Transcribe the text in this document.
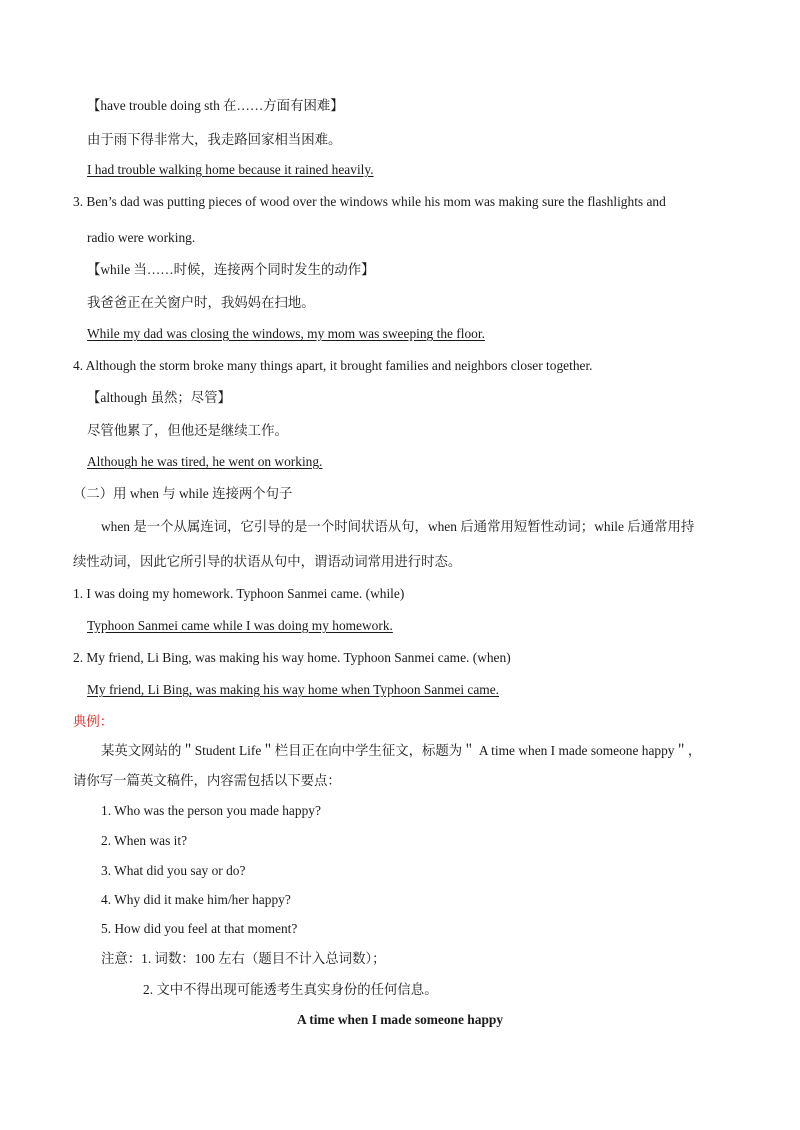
【have trouble doing sth 在……方面有困难】
由于雨下得非常大，我走路回家相当困难。
I had trouble walking home because it rained heavily.
3. Ben’s dad was putting pieces of wood over the windows while his mom was making sure the flashlights and
radio were working.
【while 当……时候，连接两个同时发生的动作】
我爸爸正在关窗户时，我妈妈在扫地。
While my dad was closing the windows, my mom was sweeping the floor.
4. Although the storm broke many things apart, it brought families and neighbors closer together.
【although 虽然；尽管】
尽管他累了，但他还是继续工作。
Although he was tired, he went on working.
（二）用 when 与 while 连接两个句子
when 是一个从属连词，它引导的是一个时间状语从句，when 后通常用短暂性动词；while 后通常用持
续性动词，因此它所引导的状语从句中，谓语动词常用进行时态。
1. I was doing my homework. Typhoon Sanmei came. (while)
Typhoon Sanmei came while I was doing my homework.
2. My friend, Li Bing, was making his way home. Typhoon Sanmei came. (when)
My friend, Li Bing, was making his way home when Typhoon Sanmei came.
典例：
某英文网站的＂Student Life＂栏目正在向中学生征文，标题为＂ A time when I made someone happy＂，
请你写一篇英文稿件，内容需包括以下要点：
1. Who was the person you made happy?
2. When was it?
3. What did you say or do?
4. Why did it make him/her happy?
5. How did you feel at that moment?
注意：1. 词数：100 左右（题目不计入总词数）；
2. 文中不得出现可能透考生真实身份的任何信息。
A time when I made someone happy
